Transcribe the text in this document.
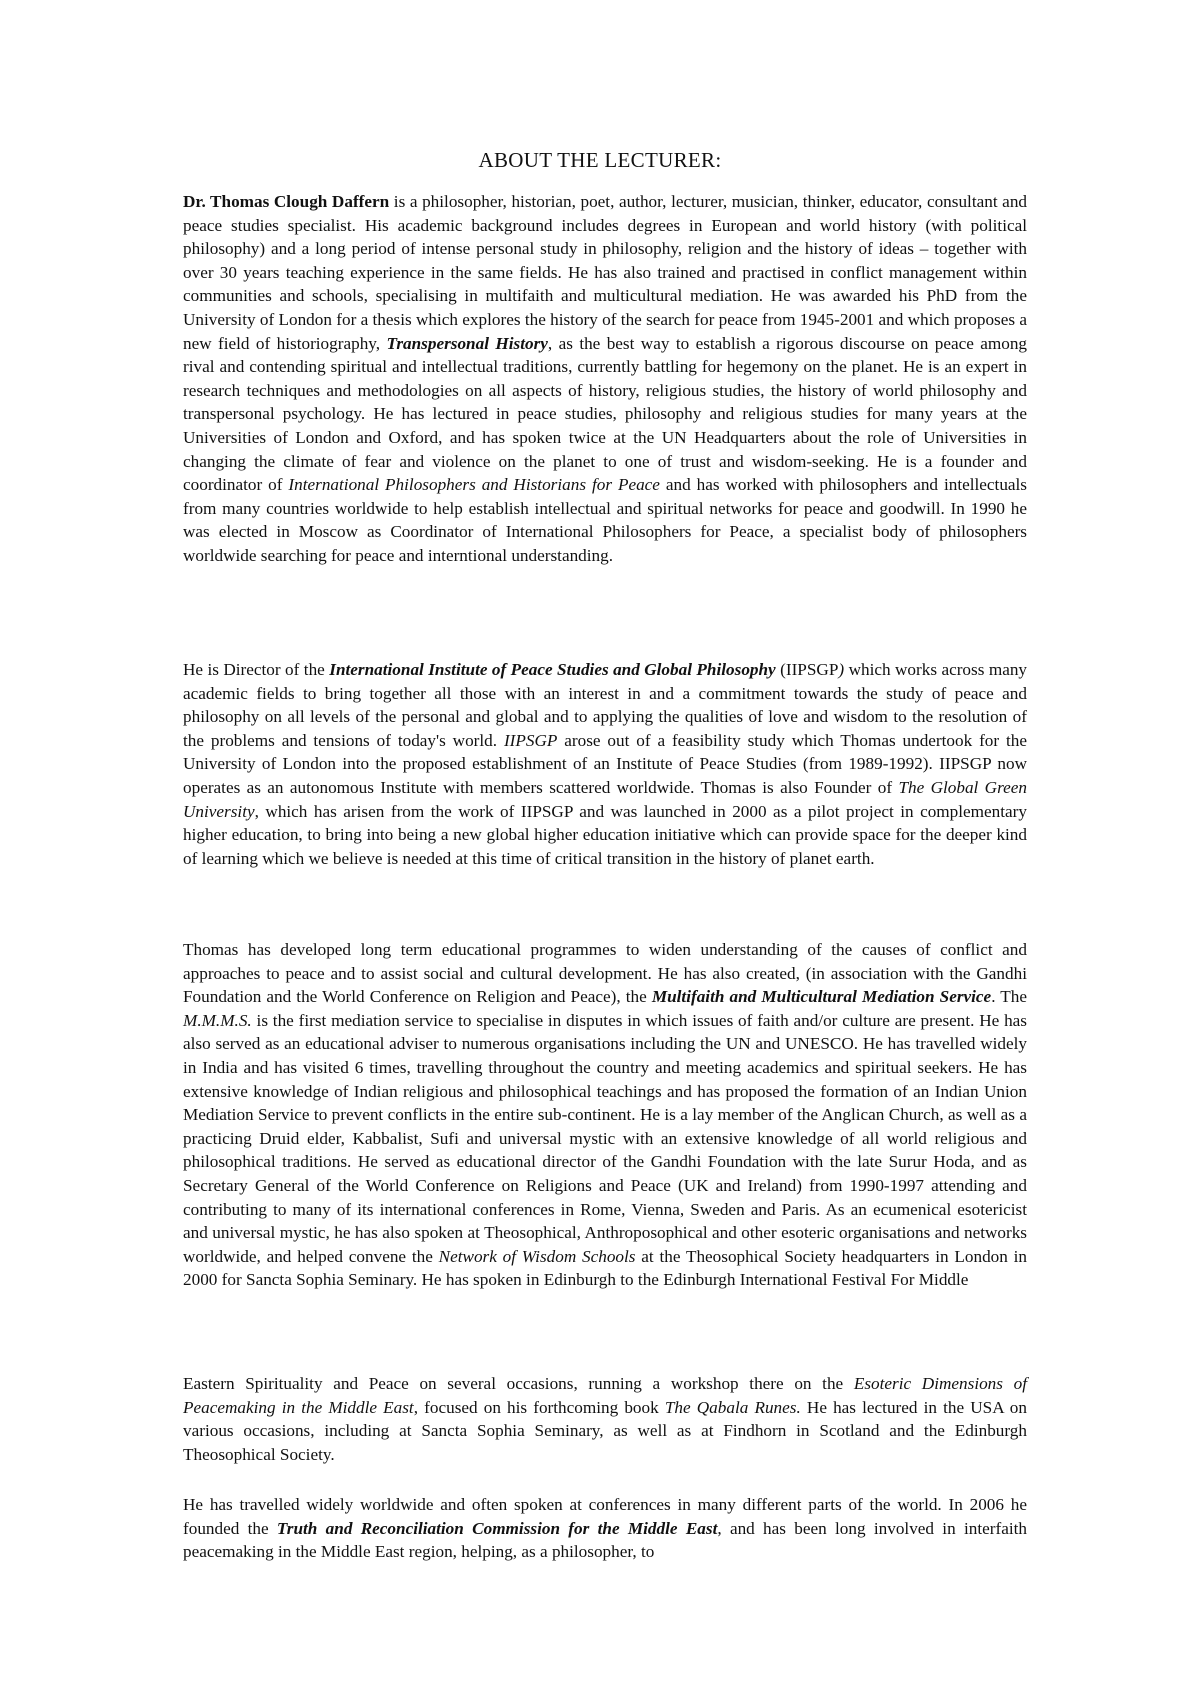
ABOUT THE LECTURER:
Dr. Thomas Clough Daffern is a philosopher, historian, poet, author, lecturer, musician, thinker, educator, consultant and peace studies specialist. His academic background includes degrees in European and world history (with political philosophy) and a long period of intense personal study in philosophy, religion and the history of ideas – together with over 30 years teaching experience in the same fields. He has also trained and practised in conflict management within communities and schools, specialising in multifaith and multicultural mediation. He was awarded his PhD from the University of London for a thesis which explores the history of the search for peace from 1945-2001 and which proposes a new field of historiography, Transpersonal History, as the best way to establish a rigorous discourse on peace among rival and contending spiritual and intellectual traditions, currently battling for hegemony on the planet. He is an expert in research techniques and methodologies on all aspects of history, religious studies, the history of world philosophy and transpersonal psychology. He has lectured in peace studies, philosophy and religious studies for many years at the Universities of London and Oxford, and has spoken twice at the UN Headquarters about the role of Universities in changing the climate of fear and violence on the planet to one of trust and wisdom-seeking. He is a founder and coordinator of International Philosophers and Historians for Peace and has worked with philosophers and intellectuals from many countries worldwide to help establish intellectual and spiritual networks for peace and goodwill. In 1990 he was elected in Moscow as Coordinator of International Philosophers for Peace, a specialist body of philosophers worldwide searching for peace and interntional understanding.
He is Director of the International Institute of Peace Studies and Global Philosophy (IIPSGP) which works across many academic fields to bring together all those with an interest in and a commitment towards the study of peace and philosophy on all levels of the personal and global and to applying the qualities of love and wisdom to the resolution of the problems and tensions of today's world. IIPSGP arose out of a feasibility study which Thomas undertook for the University of London into the proposed establishment of an Institute of Peace Studies (from 1989-1992). IIPSGP now operates as an autonomous Institute with members scattered worldwide. Thomas is also Founder of The Global Green University, which has arisen from the work of IIPSGP and was launched in 2000 as a pilot project in complementary higher education, to bring into being a new global higher education initiative which can provide space for the deeper kind of learning which we believe is needed at this time of critical transition in the history of planet earth.
Thomas has developed long term educational programmes to widen understanding of the causes of conflict and approaches to peace and to assist social and cultural development. He has also created, (in association with the Gandhi Foundation and the World Conference on Religion and Peace), the Multifaith and Multicultural Mediation Service. The M.M.M.S. is the first mediation service to specialise in disputes in which issues of faith and/or culture are present. He has also served as an educational adviser to numerous organisations including the UN and UNESCO. He has travelled widely in India and has visited 6 times, travelling throughout the country and meeting academics and spiritual seekers. He has extensive knowledge of Indian religious and philosophical teachings and has proposed the formation of an Indian Union Mediation Service to prevent conflicts in the entire sub-continent. He is a lay member of the Anglican Church, as well as a practicing Druid elder, Kabbalist, Sufi and universal mystic with an extensive knowledge of all world religious and philosophical traditions. He served as educational director of the Gandhi Foundation with the late Surur Hoda, and as Secretary General of the World Conference on Religions and Peace (UK and Ireland) from 1990-1997 attending and contributing to many of its international conferences in Rome, Vienna, Sweden and Paris. As an ecumenical esotericist and universal mystic, he has also spoken at Theosophical, Anthroposophical and other esoteric organisations and networks worldwide, and helped convene the Network of Wisdom Schools at the Theosophical Society headquarters in London in 2000 for Sancta Sophia Seminary. He has spoken in Edinburgh to the Edinburgh International Festival For Middle
Eastern Spirituality and Peace on several occasions, running a workshop there on the Esoteric Dimensions of Peacemaking in the Middle East, focused on his forthcoming book The Qabala Runes. He has lectured in the USA on various occasions, including at Sancta Sophia Seminary, as well as at Findhorn in Scotland and the Edinburgh Theosophical Society.
He has travelled widely worldwide and often spoken at conferences in many different parts of the world. In 2006 he founded the Truth and Reconciliation Commission for the Middle East, and has been long involved in interfaith peacemaking in the Middle East region, helping, as a philosopher, to
